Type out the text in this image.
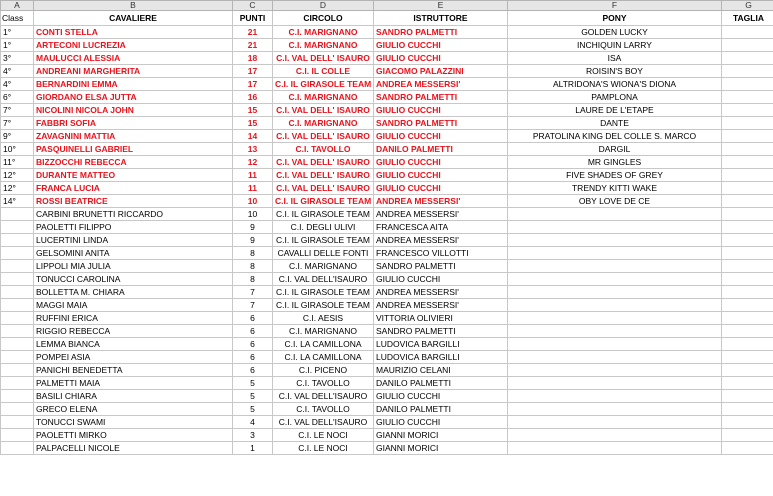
A	B	C	D	E	F	G
Class	CAVALIERE	PUNTI	CIRCOLO	ISTRUTTORE	PONY	TAGLIA
1°	CONTI STELLA	21	C.I. MARIGNANO	SANDRO PALMETTI	GOLDEN LUCKY	
1°	ARTECONI LUCREZIA	21	C.I. MARIGNANO	GIULIO CUCCHI	INCHIQUIN LARRY	
3°	MAULUCCI ALESSIA	18	C.I. VAL DELL' ISAURO	GIULIO CUCCHI	ISA	
4°	ANDREANI MARGHERITA	17	C.I. IL COLLE	GIACOMO PALAZZINI	ROISIN'S BOY	
4°	BERNARDINI EMMA	17	C.I. IL GIRASOLE TEAM	ANDREA MESSERSI'	ALTRIDONA'S WIONA'S DIONA	
6°	GIORDANO ELSA JUTTA	16	C.I. MARIGNANO	SANDRO PALMETTI	PAMPLONA	
7°	NICOLINI NICOLA JOHN	15	C.I. VAL DELL' ISAURO	GIULIO CUCCHI	LAURE DE L'ETAPE	
7°	FABBRI SOFIA	15	C.I. MARIGNANO	SANDRO PALMETTI	DANTE	
9°	ZAVAGNINI MATTIA	14	C.I. VAL DELL' ISAURO	GIULIO CUCCHI	PRATOLINA KING DEL COLLE S. MARCO	
10°	PASQUINELLI GABRIEL	13	C.I. TAVOLLO	DANILO PALMETTI	DARGIL	
11°	BIZZOCCHI REBECCA	12	C.I. VAL DELL' ISAURO	GIULIO CUCCHI	MR GINGLES	
12°	DURANTE MATTEO	11	C.I. VAL DELL' ISAURO	GIULIO CUCCHI	FIVE SHADES OF GREY	
12°	FRANCA LUCIA	11	C.I. VAL DELL' ISAURO	GIULIO CUCCHI	TRENDY KITTI WAKE	
14°	ROSSI BEATRICE	10	C.I. IL GIRASOLE TEAM	ANDREA MESSERSI'	OBY LOVE DE CE	
	CARBINI BRUNETTI RICCARDO	10	C.I. IL GIRASOLE TEAM	ANDREA MESSERSI'		
	PAOLETTI FILIPPO	9	C.I. DEGLI ULIVI	FRANCESCA AITA		
	LUCERTINI LINDA	9	C.I. IL GIRASOLE TEAM	ANDREA MESSERSI'		
	GELSOMINI ANITA	8	CAVALLI DELLE FONTI	FRANCESCO VILLOTTI		
	LIPPOLI MIA JULIA	8	C.I. MARIGNANO	SANDRO PALMETTI		
	TONUCCI CAROLINA	8	C.I. VAL DELL'ISAURO	GIULIO CUCCHI		
	BOLLETTA M. CHIARA	7	C.I. IL GIRASOLE TEAM	ANDREA MESSERSI'		
	MAGGI MAIA	7	C.I. IL GIRASOLE TEAM	ANDREA MESSERSI'		
	RUFFINI ERICA	6	C.I. AESIS	VITTORIA OLIVIERI		
	RIGGIO REBECCA	6	C.I. MARIGNANO	SANDRO PALMETTI		
	LEMMA BIANCA	6	C.I. LA CAMILLONA	LUDOVICA BARGILLI		
	POMPEI ASIA	6	C.I. LA CAMILLONA	LUDOVICA BARGILLI		
	PANICHI BENEDETTA	6	C.I. PICENO	MAURIZIO CELANI		
	PALMETTI MAIA	5	C.I. TAVOLLO	DANILO PALMETTI		
	BASILI CHIARA	5	C.I. VAL DELL'ISAURO	GIULIO CUCCHI		
	GRECO ELENA	5	C.I. TAVOLLO	DANILO PALMETTI		
	TONUCCI SWAMI	4	C.I. VAL DELL'ISAURO	GIULIO CUCCHI		
	PAOLETTI MIRKO	3	C.I. LE NOCI	GIANNI MORICI		
	PALPACELLI NICOLE	1	C.I. LE NOCI	GIANNI MORICI		
